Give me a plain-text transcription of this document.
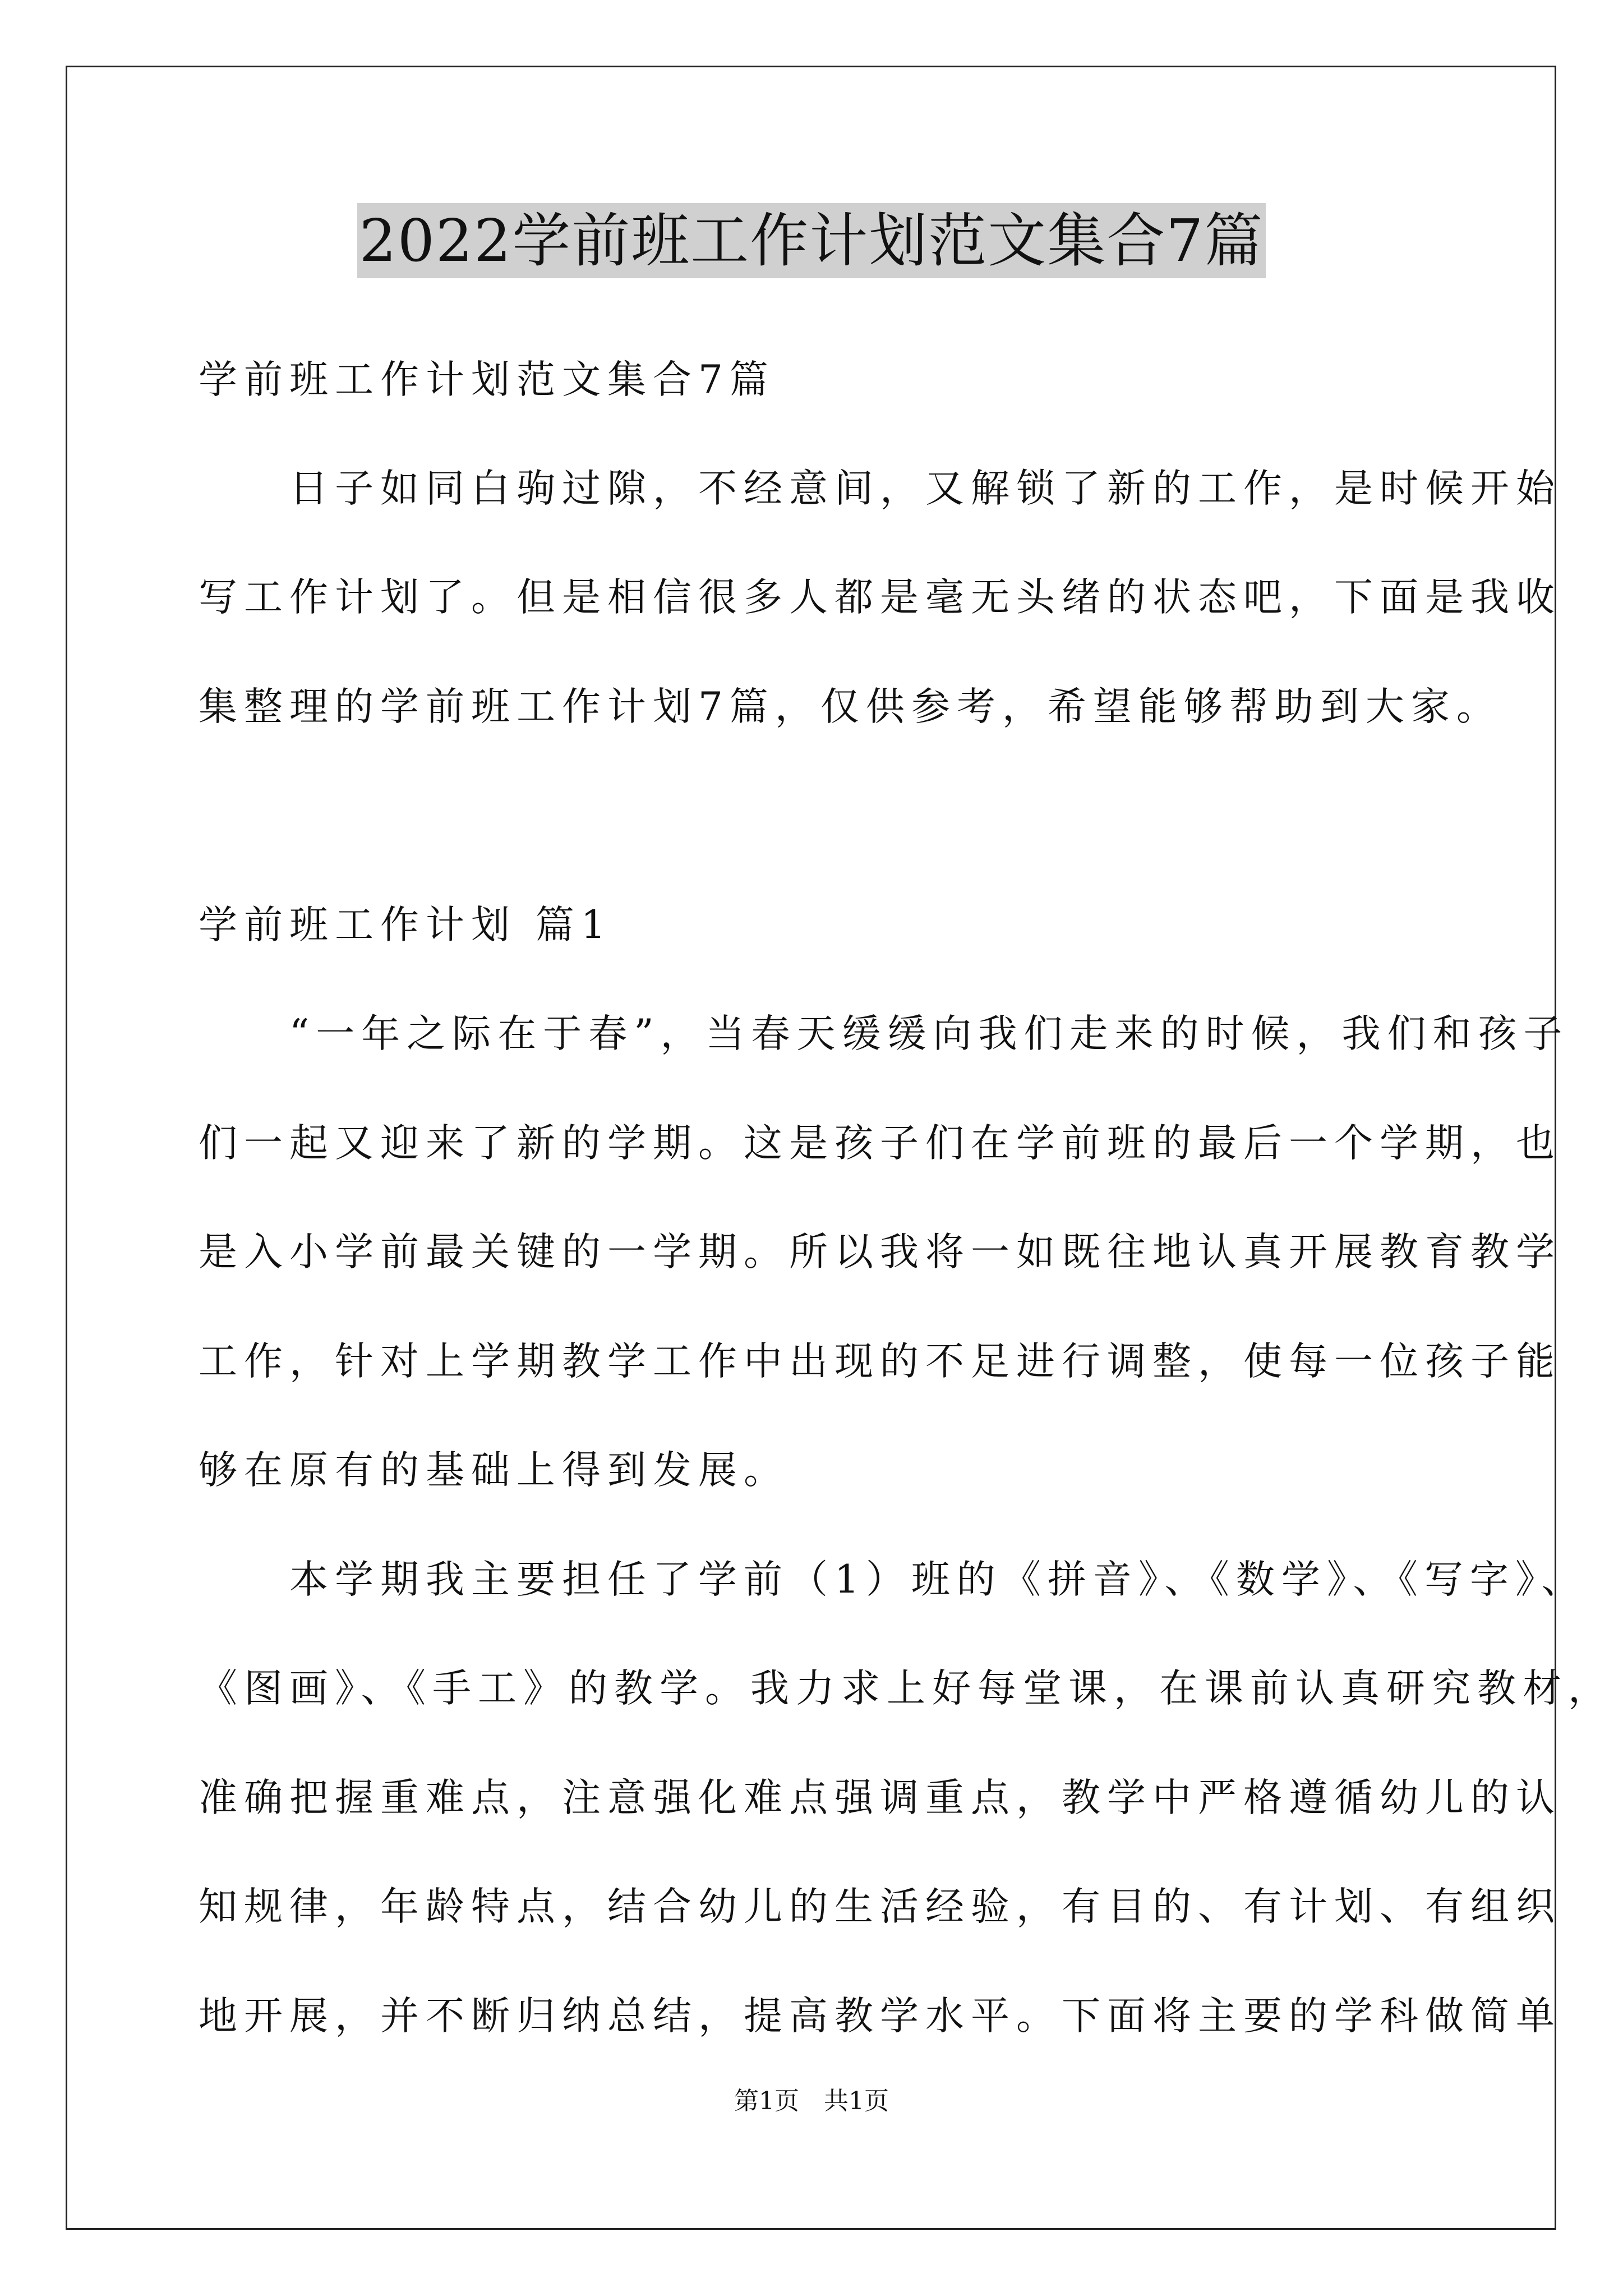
2022学前班工作计划范文集合7篇
学前班工作计划范文集合7篇
　　日子如同白驹过隙，不经意间，又解锁了新的工作，是时候开始
写工作计划了。但是相信很多人都是毫无头绪的状态吧，下面是我收
集整理的学前班工作计划7篇，仅供参考，希望能够帮助到大家。
学前班工作计划 篇1
　　“一年之际在于春”，当春天缓缓向我们走来的时候，我们和孩子
们一起又迎来了新的学期。这是孩子们在学前班的最后一个学期，也
是入小学前最关键的一学期。所以我将一如既往地认真开展教育教学
工作，针对上学期教学工作中出现的不足进行调整，使每一位孩子能
够在原有的基础上得到发展。
　　本学期我主要担任了学前（1）班的《拼音》、《数学》、《写字》、
《图画》、《手工》的教学。我力求上好每堂课，在课前认真研究教材，
准确把握重难点，注意强化难点强调重点，教学中严格遵循幼儿的认
知规律，年龄特点，结合幼儿的生活经验，有目的、有计划、有组织
地开展，并不断归纳总结，提高教学水平。下面将主要的学科做简单
第1页　共1页
